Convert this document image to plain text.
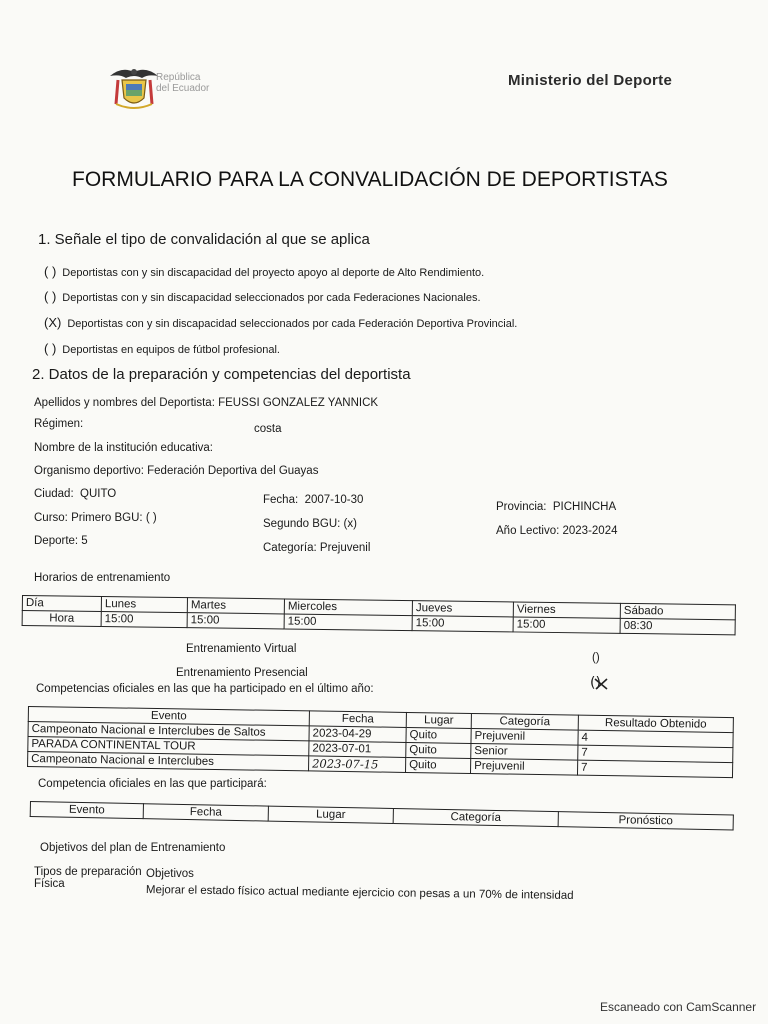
República
del Ecuador	Ministerio del Deporte
FORMULARIO PARA LA CONVALIDACIÓN DE DEPORTISTAS
1. Señale el tipo de convalidación al que se aplica
( ) Deportistas con y sin discapacidad del proyecto apoyo al deporte de Alto Rendimiento.
( ) Deportistas con y sin discapacidad seleccionados por cada Federaciones Nacionales.
(X) Deportistas con y sin discapacidad seleccionados por cada Federación Deportiva Provincial.
( ) Deportistas en equipos de fútbol profesional.
2. Datos de la preparación y competencias del deportista
Apellidos y nombres del Deportista: FEUSSI GONZALEZ YANNICK
Régimen:	costa
Nombre de la institución educativa:
Organismo deportivo: Federación Deportiva del Guayas
Ciudad: QUITO	Fecha: 2007-10-30
Provincia: PICHINCHA
Curso: Primero BGU: ( )	Segundo BGU: (x)
Año Lectivo: 2023-2024
Deporte: 5
Categoría: Prejuvenil
Horarios de entrenamiento
Día	Lunes	Martes	Miercoles	Jueves	Viernes	Sábado
Hora	15:00	15:00	15:00	15:00	15:00	08:30
Entrenamiento Virtual
()
Entrenamiento Presencial
()
Competencias oficiales en las que ha participado en el último año:
Evento	Fecha	Lugar	Categoría	Resultado Obtenido
Campeonato Nacional e Interclubes de Saltos	2023-04-29	Quito	Prejuvenil	4
PARADA CONTINENTAL TOUR	2023-07-01	Quito	Senior	7
Campeonato Nacional e Interclubes	2023-07-15	Quito	Prejuvenil	7
Competencia oficiales en las que participará:
Evento	Fecha	Lugar	Categoría	Pronóstico
Objetivos del plan de Entrenamiento
Tipos de preparación Objetivos
Física	Mejorar el estado físico actual mediante ejercicio con pesas a un 70% de intensidad
Escaneado con CamScanner
